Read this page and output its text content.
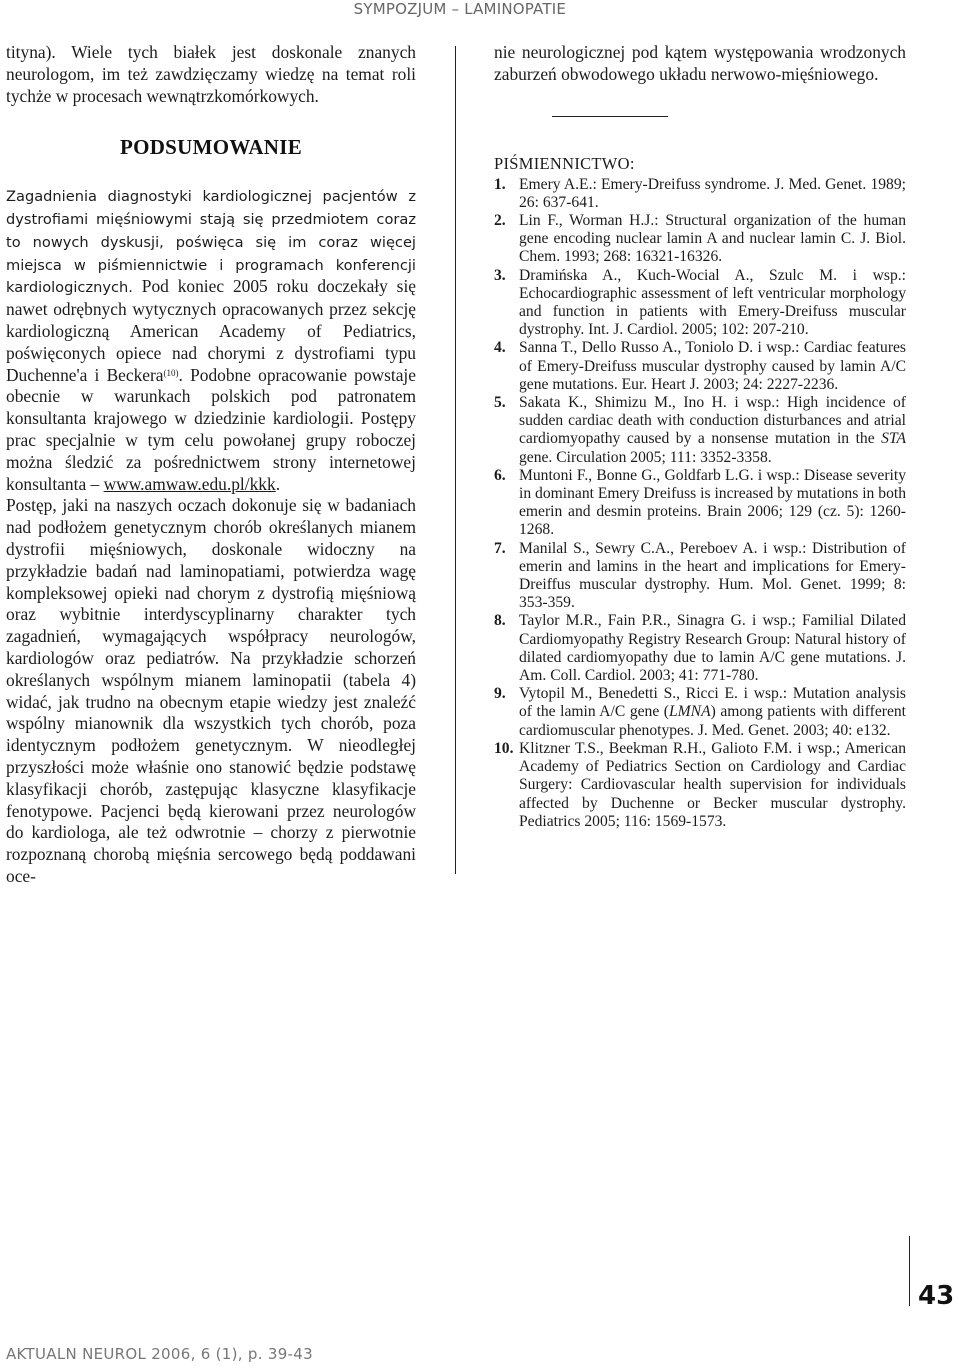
SYMPOZJUM – LAMINOPATIE

tityna). Wiele tych białek jest doskonale znanych neurologom, im też zawdzięczamy wiedzę na temat roli tychże w procesach wewnątrzkomórkowych.

PODSUMOWANIE

Zagadnienia diagnostyki kardiologicznej pacjentów z dystrofiami mięśniowymi stają się przedmiotem coraz to nowych dyskusji, poświęca się im coraz więcej miejsca w piśmiennictwie i programach konferencji kardiologicznych. Pod koniec 2005 roku doczekały się nawet odrębnych wytycznych opracowanych przez sekcję kardiologiczną American Academy of Pediatrics, poświęconych opiece nad chorymi z dystrofiami typu Duchenne'a i Beckera$^{(10)}$. Podobne opracowanie powstaje obecnie w warunkach polskich pod patronatem konsultanta krajowego w dziedzinie kardiologii. Postępy prac specjalnie w tym celu powołanej grupy roboczej można śledzić za pośrednictwem strony internetowej konsultanta – www.amwaw.edu.pl/kkk.

Postęp, jaki na naszych oczach dokonuje się w badaniach nad podłożem genetycznym chorób określanych mianem dystrofii mięśniowych, doskonale widoczny na przykładzie badań nad laminopatiami, potwierdza wagę kompleksowej opieki nad chorym z dystrofią mięśniową oraz wybitnie interdyscyplinarny charakter tych zagadnień, wymagających współpracy neurologów, kardiologów oraz pediatrów. Na przykładzie schorzeń określanych wspólnym mianem laminopatii (tabela 4) widać, jak trudno na obecnym etapie wiedzy jest znaleźć wspólny mianownik dla wszystkich tych chorób, poza identycznym podłożem genetycznym. W nieodległej przyszłości może właśnie ono stanowić będzie podstawę klasyfikacji chorób, zastępując klasyczne klasyfikacje fenotypowe. Pacjenci będą kierowani przez neurologów do kardiologa, ale też odwrotnie – chorzy z pierwotnie rozpoznaną chorobą mięśnia sercowego będą poddawani oce-

nie neurologicznej pod kątem występowania wrodzonych zaburzeń obwodowego układu nerwowo-mięśniowego.

PIŚMIENNICTWO:
1. Emery A.E.: Emery-Dreifuss syndrome. J. Med. Genet. 1989; 26: 637-641.
2. Lin F., Worman H.J.: Structural organization of the human gene encoding nuclear lamin A and nuclear lamin C. J. Biol. Chem. 1993; 268: 16321-16326.
3. Dramińska A., Kuch-Wocial A., Szulc M. i wsp.: Echocardiographic assessment of left ventricular morphology and function in patients with Emery-Dreifuss muscular dystrophy. Int. J. Cardiol. 2005; 102: 207-210.
4. Sanna T., Dello Russo A., Toniolo D. i wsp.: Cardiac features of Emery-Dreifuss muscular dystrophy caused by lamin A/C gene mutations. Eur. Heart J. 2003; 24: 2227-2236.
5. Sakata K., Shimizu M., Ino H. i wsp.: High incidence of sudden cardiac death with conduction disturbances and atrial cardiomyopathy caused by a nonsense mutation in the STA gene. Circulation 2005; 111: 3352-3358.
6. Muntoni F., Bonne G., Goldfarb L.G. i wsp.: Disease severity in dominant Emery Dreifuss is increased by mutations in both emerin and desmin proteins. Brain 2006; 129 (cz. 5): 1260-1268.
7. Manilal S., Sewry C.A., Pereboev A. i wsp.: Distribution of emerin and lamins in the heart and implications for Emery-Dreiffus muscular dystrophy. Hum. Mol. Genet. 1999; 8: 353-359.
8. Taylor M.R., Fain P.R., Sinagra G. i wsp.; Familial Dilated Cardiomyopathy Registry Research Group: Natural history of dilated cardiomyopathy due to lamin A/C gene mutations. J. Am. Coll. Cardiol. 2003; 41: 771-780.
9. Vytopil M., Benedetti S., Ricci E. i wsp.: Mutation analysis of the lamin A/C gene (LMNA) among patients with different cardiomuscular phenotypes. J. Med. Genet. 2003; 40: e132.
10. Klitzner T.S., Beekman R.H., Galioto F.M. i wsp.; American Academy of Pediatrics Section on Cardiology and Cardiac Surgery: Cardiovascular health supervision for individuals affected by Duchenne or Becker muscular dystrophy. Pediatrics 2005; 116: 1569-1573.
43
AKTUALN NEUROL 2006, 6 (1), p. 39-43
